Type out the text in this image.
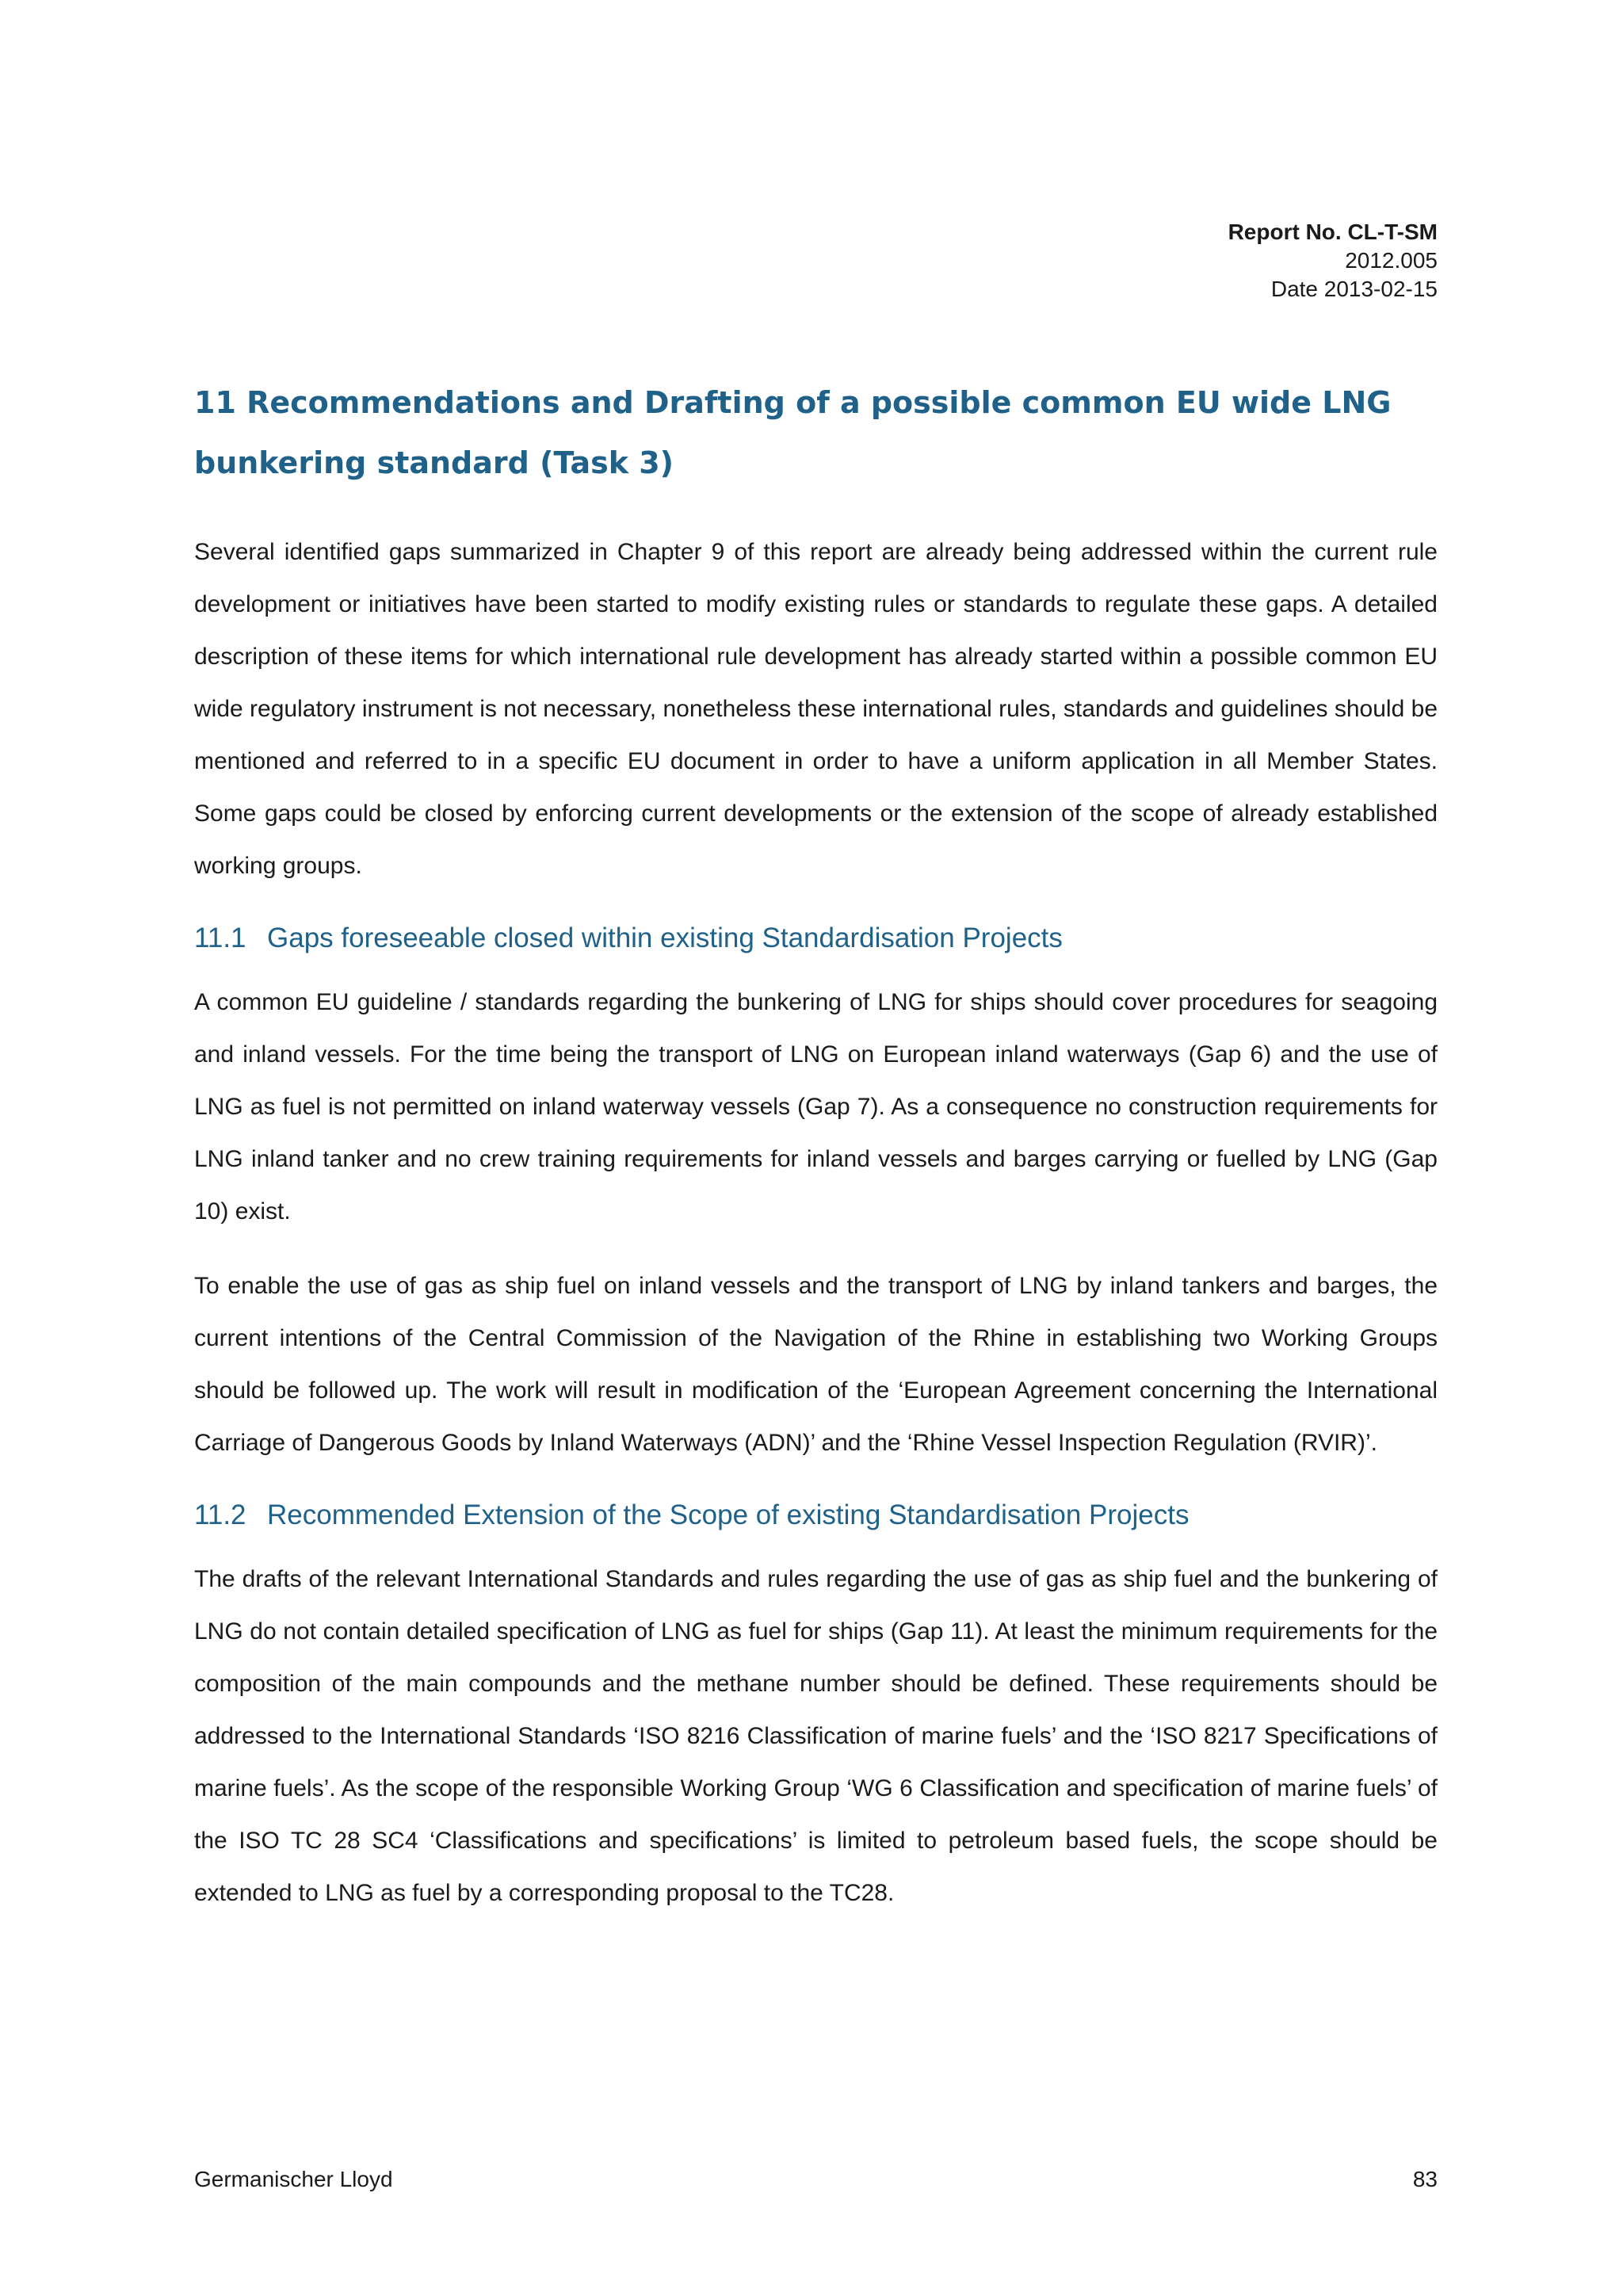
Report No. CL-T-SM
2012.005
Date 2013-02-15
11 Recommendations and Drafting of a possible common EU wide LNG bunkering standard (Task 3)

Several identified gaps summarized in Chapter 9 of this report are already being addressed within the current rule development or initiatives have been started to modify existing rules or standards to regulate these gaps. A detailed description of these items for which international rule development has already started within a possible common EU wide regulatory instrument is not necessary, nonetheless these international rules, standards and guidelines should be mentioned and referred to in a specific EU document in order to have a uniform application in all Member States. Some gaps could be closed by enforcing current developments or the extension of the scope of already established working groups.

11.1 Gaps foreseeable closed within existing Standardisation Projects

A common EU guideline / standards regarding the bunkering of LNG for ships should cover procedures for seagoing and inland vessels. For the time being the transport of LNG on European inland waterways (Gap 6) and the use of LNG as fuel is not permitted on inland waterway vessels (Gap 7). As a consequence no construction requirements for LNG inland tanker and no crew training requirements for inland vessels and barges carrying or fuelled by LNG (Gap 10) exist.

To enable the use of gas as ship fuel on inland vessels and the transport of LNG by inland tankers and barges, the current intentions of the Central Commission of the Navigation of the Rhine in establishing two Working Groups should be followed up. The work will result in modification of the ‘European Agreement concerning the International Carriage of Dangerous Goods by Inland Waterways (ADN)’ and the ‘Rhine Vessel Inspection Regulation (RVIR)’.

11.2 Recommended Extension of the Scope of existing Standardisation Projects

The drafts of the relevant International Standards and rules regarding the use of gas as ship fuel and the bunkering of LNG do not contain detailed specification of LNG as fuel for ships (Gap 11). At least the minimum requirements for the composition of the main compounds and the methane number should be defined. These requirements should be addressed to the International Standards ‘ISO 8216 Classification of marine fuels’ and the ‘ISO 8217 Specifications of marine fuels’. As the scope of the responsible Working Group ‘WG 6 Classification and specification of marine fuels’ of the ISO TC 28 SC4 ‘Classifications and specifications’ is limited to petroleum based fuels, the scope should be extended to LNG as fuel by a corresponding proposal to the TC28.

Germanischer Lloyd	83
